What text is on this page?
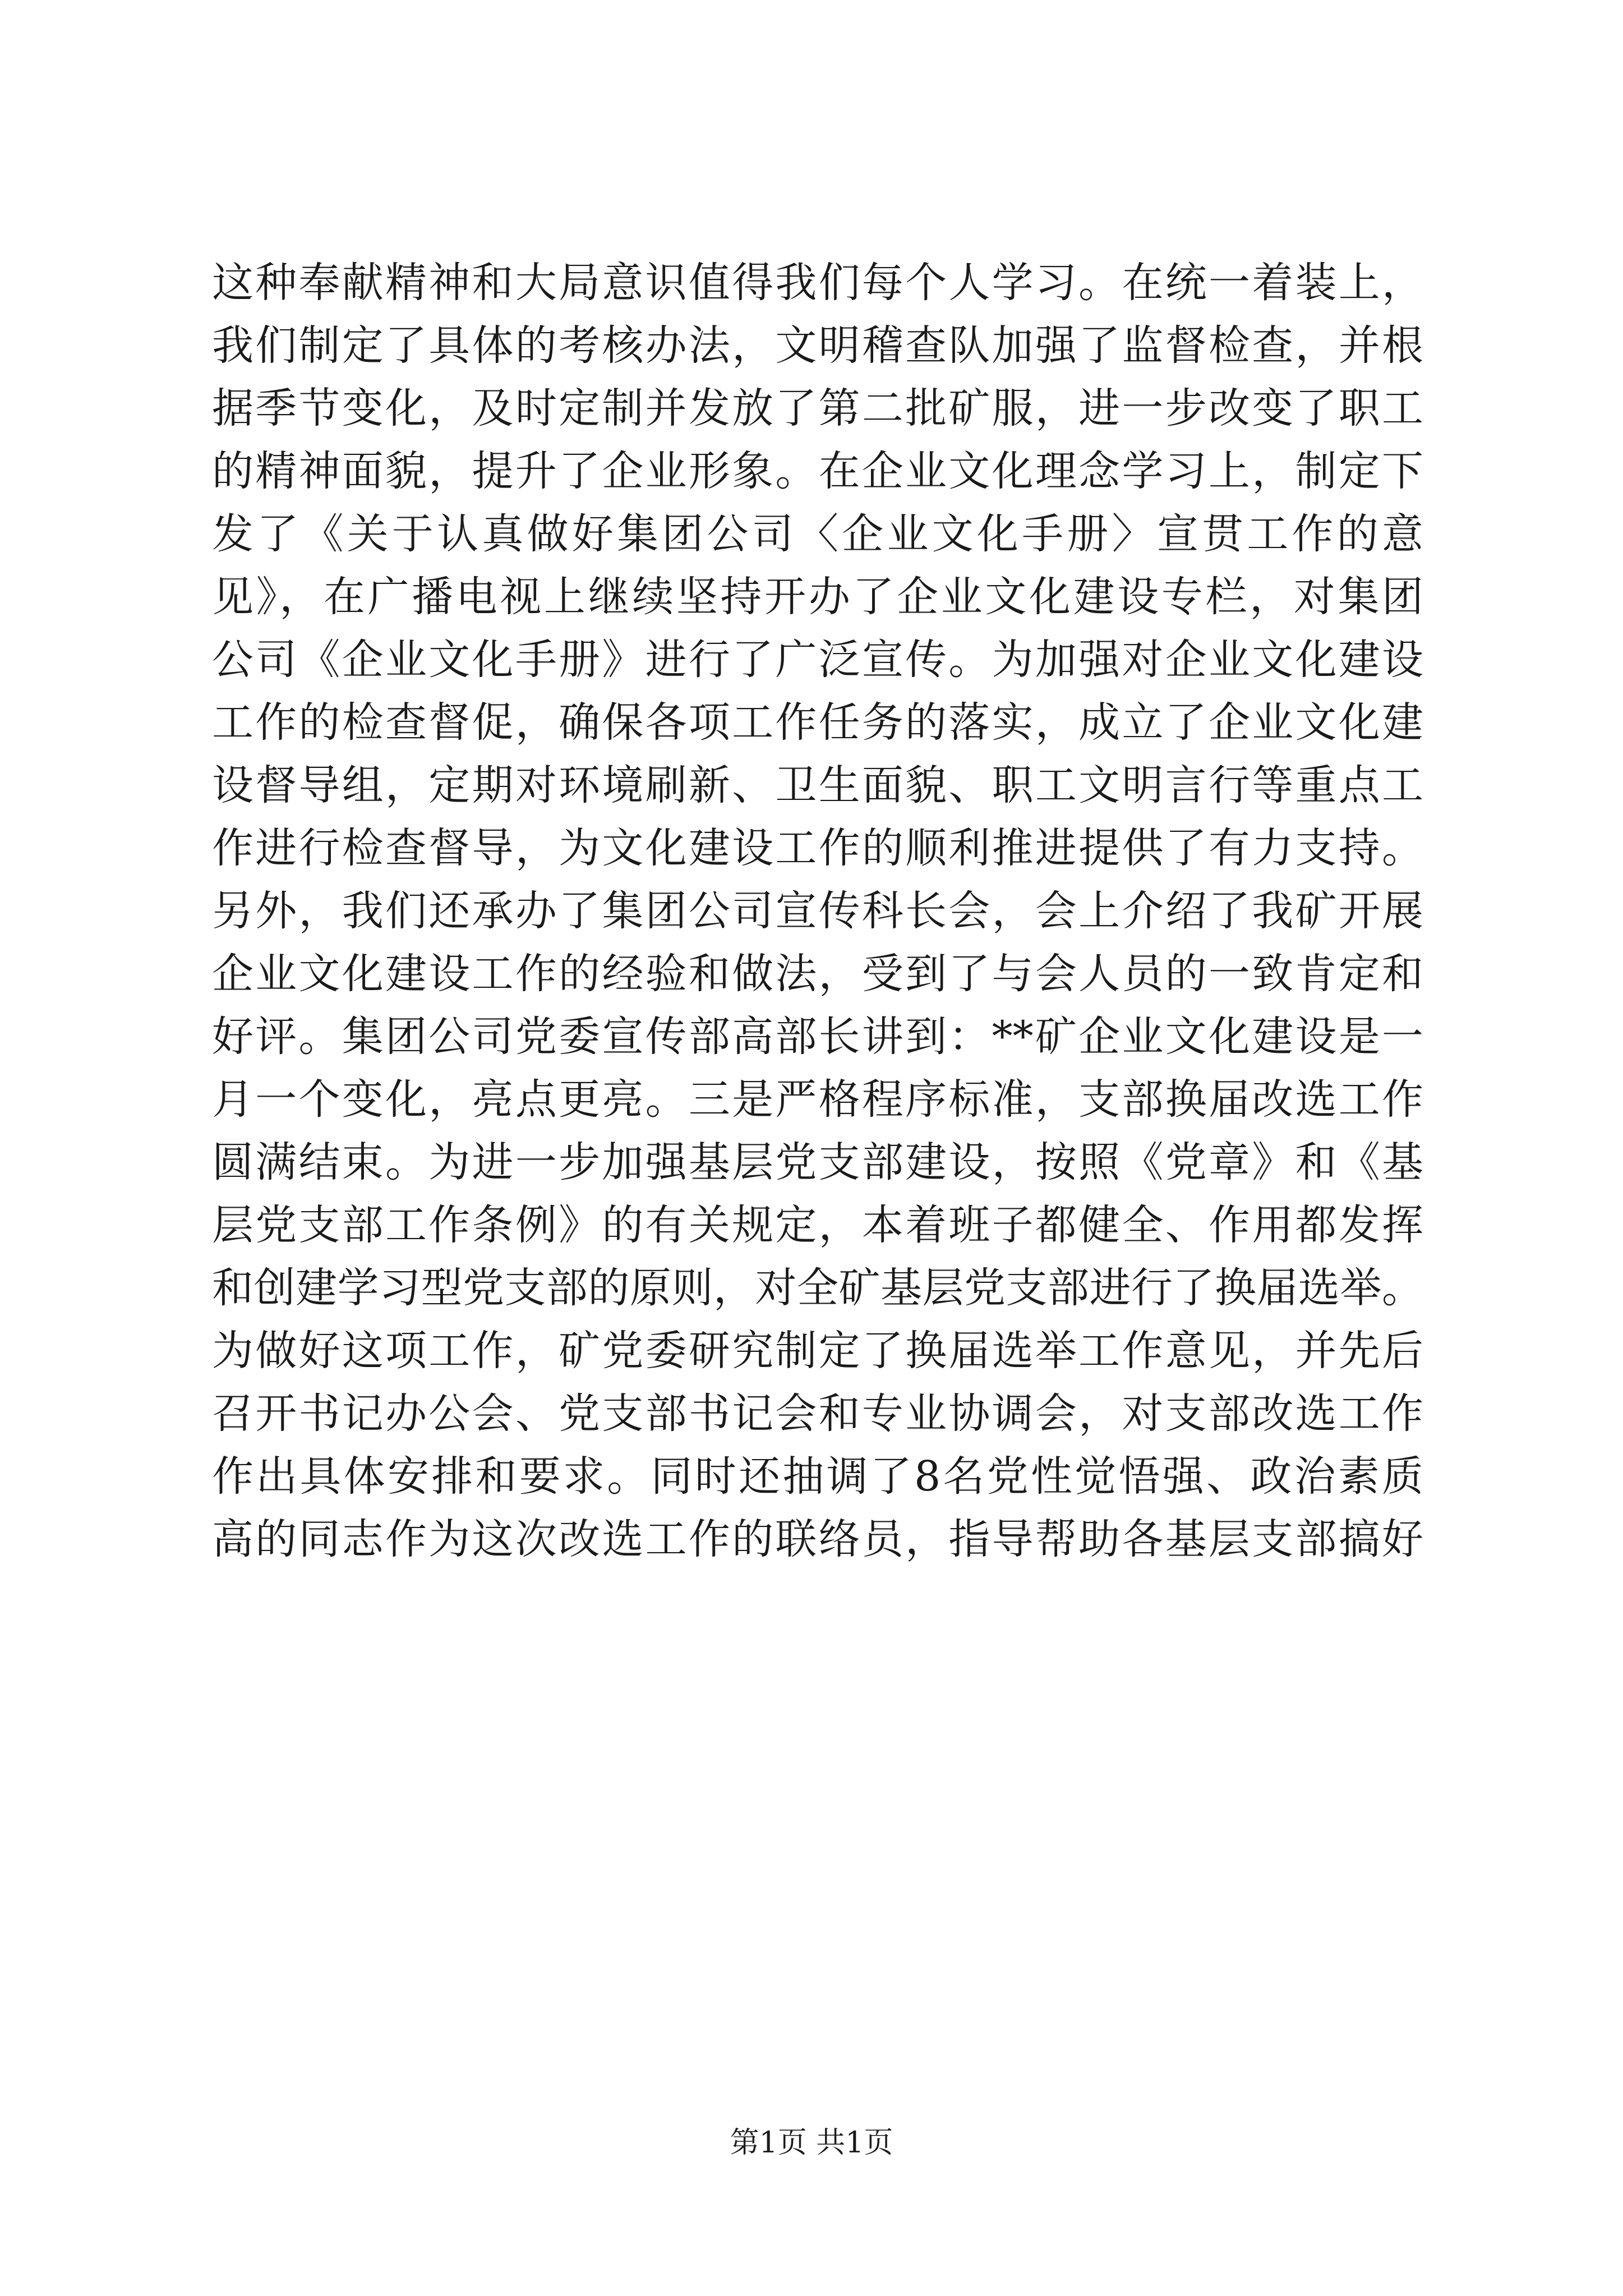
这种奉献精神和大局意识值得我们每个人学习。在统一着装上，
我们制定了具体的考核办法，文明稽查队加强了监督检查，并根
据季节变化，及时定制并发放了第二批矿服，进一步改变了职工
的精神面貌，提升了企业形象。在企业文化理念学习上，制定下
发了《关于认真做好集团公司〈企业文化手册〉宣贯工作的意
见》，在广播电视上继续坚持开办了企业文化建设专栏，对集团
公司《企业文化手册》进行了广泛宣传。为加强对企业文化建设
工作的检查督促，确保各项工作任务的落实，成立了企业文化建
设督导组，定期对环境刷新、卫生面貌、职工文明言行等重点工
作进行检查督导，为文化建设工作的顺利推进提供了有力支持。
另外，我们还承办了集团公司宣传科长会，会上介绍了我矿开展
企业文化建设工作的经验和做法，受到了与会人员的一致肯定和
好评。集团公司党委宣传部高部长讲到：**矿企业文化建设是一
月一个变化，亮点更亮。三是严格程序标准，支部换届改选工作
圆满结束。为进一步加强基层党支部建设，按照《党章》和《基
层党支部工作条例》的有关规定，本着班子都健全、作用都发挥
和创建学习型党支部的原则，对全矿基层党支部进行了换届选举。
为做好这项工作，矿党委研究制定了换届选举工作意见，并先后
召开书记办公会、党支部书记会和专业协调会，对支部改选工作
作出具体安排和要求。同时还抽调了8名党性觉悟强、政治素质
高的同志作为这次改选工作的联络员，指导帮助各基层支部搞好
第1页 共1页
